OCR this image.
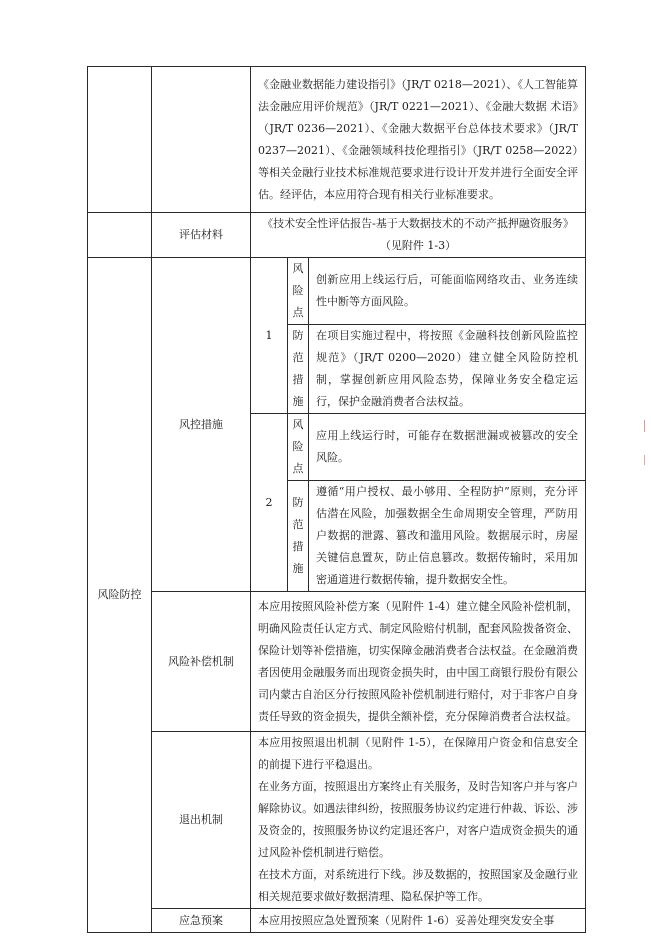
		《金融业数据能力建设指引》（JR/T 0218—2021）、《人工智能算法金融应用评价规范》（JR/T 0221—2021）、《金融大数据 术语》（JR/T 0236—2021）、《金融大数据平台总体技术要求》（JR/T 0237—2021）、《金融领域科技伦理指引》（JR/T 0258—2022）等相关金融行业技术标准规范要求进行设计开发并进行全面安全评估。经评估，本应用符合现有相关行业标准要求。		
	评估材料	《技术安全性评估报告-基于大数据技术的不动产抵押融资服务》（见附件 1-3）		
风险防控	风控措施	1	风
险
点	创新应用上线运行后，可能面临网络攻击、业务连续性中断等方面风险。

			防
范
措
施	在项目实施过程中，将按照《金融科技创新风险监控规范》（JR/T 0200—2020）建立健全风险防控机制，掌握创新应用风险态势，保障业务安全稳定运行，保护金融消费者合法权益。
		2	风
险
点	应用上线运行时，可能存在数据泄漏或被篡改的安全风险。

			防
范
措
施	遵循“用户授权、最小够用、全程防护”原则，充分评估潜在风险，加强数据全生命周期安全管理，严防用户数据的泄露、篡改和滥用风险。数据展示时，房屋关键信息置灰，防止信息篡改。数据传输时，采用加密通道进行数据传输，提升数据安全性。
	风险补偿机制	本应用按照风险补偿方案（见附件 1-4）建立健全风险补偿机制，明确风险责任认定方式、制定风险赔付机制，配套风险拨备资金、保险计划等补偿措施，切实保障金融消费者合法权益。在金融消费者因使用金融服务而出现资金损失时，由中国工商银行股份有限公司内蒙古自治区分行按照风险补偿机制进行赔付，对于非客户自身责任导致的资金损失，提供全额补偿，充分保障消费者合法权益。		
	退出机制	本应用按照退出机制（见附件 1-5），在保障用户资金和信息安全的前提下进行平稳退出。
在业务方面，按照退出方案终止有关服务，及时告知客户并与客户解除协议。如遇法律纠纷，按照服务协议约定进行仲裁、诉讼、涉及资金的，按照服务协议约定退还客户，对客户造成资金损失的通过风险补偿机制进行赔偿。
在技术方面，对系统进行下线。涉及数据的，按照国家及金融行业相关规范要求做好数据清理、隐私保护等工作。		

	应急预案	本应用按照应急处置预案（见附件 1-6）妥善处理突发安全事		
